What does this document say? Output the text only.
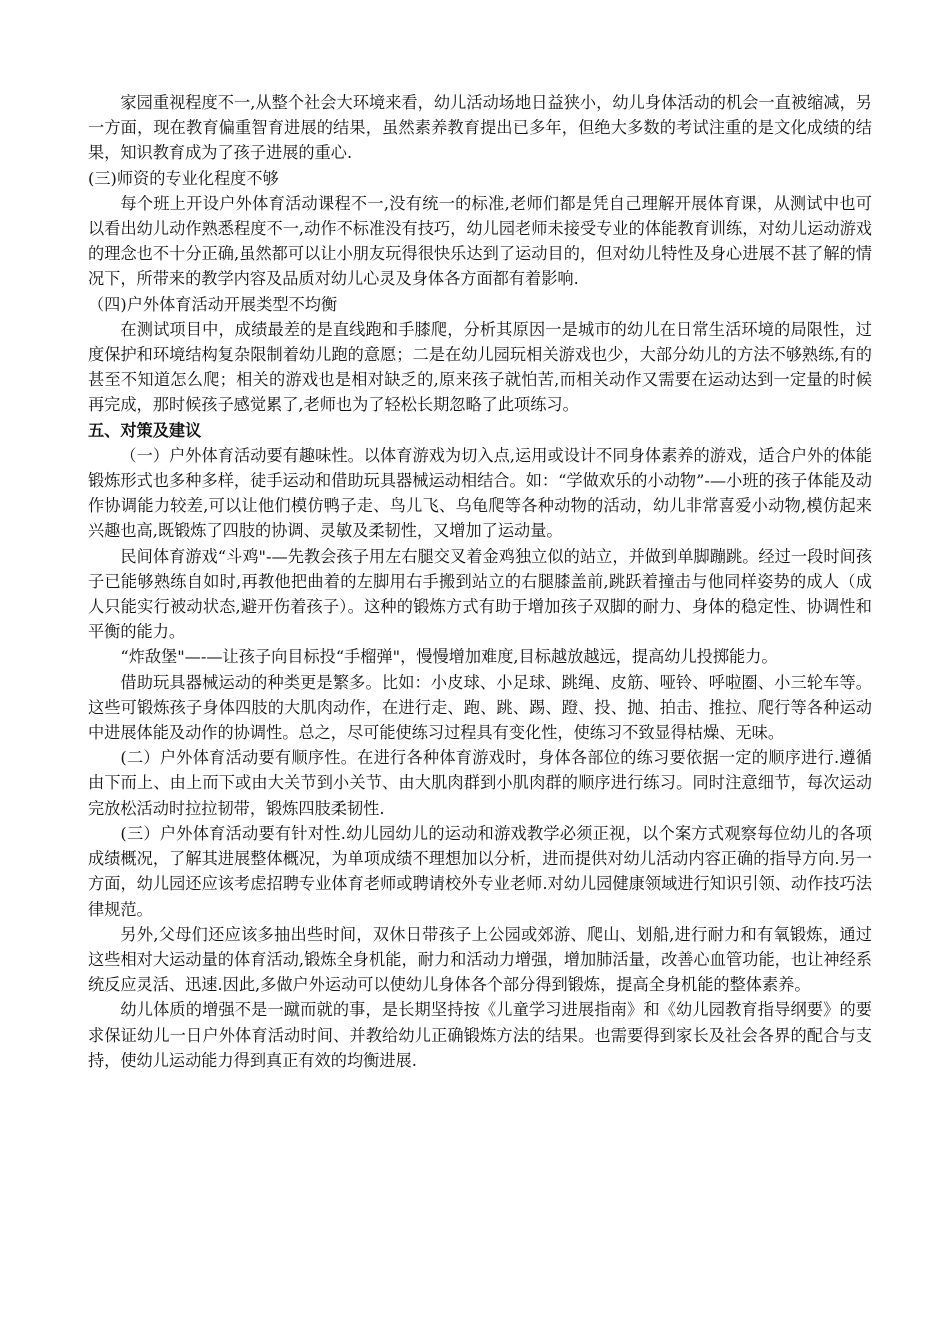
家园重视程度不一,从整个社会大环境来看，幼儿活动场地日益狭小，幼儿身体活动的机会一直被缩减，另一方面，现在教育偏重智育进展的结果，虽然素养教育提出已多年，但绝大多数的考试注重的是文化成绩的结果，知识教育成为了孩子进展的重心.

(三)师资的专业化程度不够

每个班上开设户外体育活动课程不一,没有统一的标准,老师们都是凭自己理解开展体育课，从测试中也可以看出幼儿动作熟悉程度不一,动作不标准没有技巧，幼儿园老师未接受专业的体能教育训练，对幼儿运动游戏的理念也不十分正确,虽然都可以让小朋友玩得很快乐达到了运动目的，但对幼儿特性及身心进展不甚了解的情况下，所带来的教学内容及品质对幼儿心灵及身体各方面都有着影响.

（四)户外体育活动开展类型不均衡

在测试项目中，成绩最差的是直线跑和手膝爬，分析其原因一是城市的幼儿在日常生活环境的局限性，过度保护和环境结构复杂限制着幼儿跑的意愿；二是在幼儿园玩相关游戏也少，大部分幼儿的方法不够熟练,有的甚至不知道怎么爬；相关的游戏也是相对缺乏的,原来孩子就怕苦,而相关动作又需要在运动达到一定量的时候再完成，那时候孩子感觉累了,老师也为了轻松长期忽略了此项练习。

五、对策及建议

（一）户外体育活动要有趣味性。以体育游戏为切入点,运用或设计不同身体素养的游戏，适合户外的体能锻炼形式也多种多样，徒手运动和借助玩具器械运动相结合。如：“学做欢乐的小动物”-—小班的孩子体能及动作协调能力较差,可以让他们模仿鸭子走、鸟儿飞、乌龟爬等各种动物的活动，幼儿非常喜爱小动物,模仿起来兴趣也高,既锻炼了四肢的协调、灵敏及柔韧性，又增加了运动量。

民间体育游戏“斗鸡"-—先教会孩子用左右腿交叉着金鸡独立似的站立，并做到单脚蹦跳。经过一段时间孩子已能够熟练自如时,再教他把曲着的左脚用右手搬到站立的右腿膝盖前,跳跃着撞击与他同样姿势的成人（成人只能实行被动状态,避开伤着孩子）。这种的锻炼方式有助于增加孩子双脚的耐力、身体的稳定性、协调性和平衡的能力。

“炸敌堡"—-—让孩子向目标投“手榴弹"，慢慢增加难度,目标越放越远，提高幼儿投掷能力。

借助玩具器械运动的种类更是繁多。比如：小皮球、小足球、跳绳、皮筋、哑铃、呼啦圈、小三轮车等。这些可锻炼孩子身体四肢的大肌肉动作，在进行走、跑、跳、踢、蹬、投、抛、拍击、推拉、爬行等各种运动中进展体能及动作的协调性。总之，尽可能使练习过程具有变化性，使练习不致显得枯燥、无味。

(二）户外体育活动要有顺序性。在进行各种体育游戏时，身体各部位的练习要依据一定的顺序进行.遵循由下而上、由上而下或由大关节到小关节、由大肌肉群到小肌肉群的顺序进行练习。同时注意细节，每次运动完放松活动时拉拉韧带，锻炼四肢柔韧性.

(三）户外体育活动要有针对性.幼儿园幼儿的运动和游戏教学必须正视，以个案方式观察每位幼儿的各项成绩概况，了解其进展整体概况，为单项成绩不理想加以分析，进而提供对幼儿活动内容正确的指导方向.另一方面，幼儿园还应该考虑招聘专业体育老师或聘请校外专业老师.对幼儿园健康领域进行知识引领、动作技巧法律规范。

另外,父母们还应该多抽出些时间，双休日带孩子上公园或郊游、爬山、划船,进行耐力和有氧锻炼，通过这些相对大运动量的体育活动,锻炼全身机能，耐力和活动力增强，增加肺活量，改善心血管功能，也让神经系统反应灵活、迅速.因此,多做户外运动可以使幼儿身体各个部分得到锻炼，提高全身机能的整体素养。

幼儿体质的增强不是一蹴而就的事，是长期坚持按《儿童学习进展指南》和《幼儿园教育指导纲要》的要求保证幼儿一日户外体育活动时间、并教给幼儿正确锻炼方法的结果。也需要得到家长及社会各界的配合与支持，使幼儿运动能力得到真正有效的均衡进展.
